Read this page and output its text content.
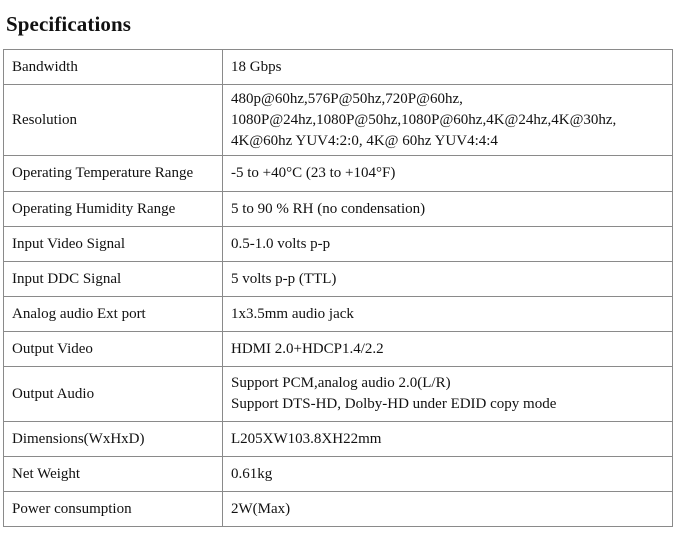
Specifications
Bandwidth	18 Gbps

Resolution	480p@60hz,576P@50hz,720P@60hz,
1080P@24hz,1080P@50hz,1080P@60hz,4K@24hz,4K@30hz,
4K@60hz YUV4:2:0, 4K@ 60hz YUV4:4:4

Operating Temperature Range	-5 to +40°C (23 to +104°F)

Operating Humidity Range	5 to 90 % RH (no condensation)

Input Video Signal	0.5-1.0 volts p-p

Input DDC Signal	5 volts p-p (TTL)

Analog audio Ext port	1x3.5mm audio jack

Output Video	HDMI 2.0+HDCP1.4/2.2

Output Audio	Support PCM,analog audio 2.0(L/R)
Support DTS-HD, Dolby-HD under EDID copy mode

Dimensions(WxHxD)	L205XW103.8XH22mm

Net Weight	0.61kg

Power consumption	2W(Max)
